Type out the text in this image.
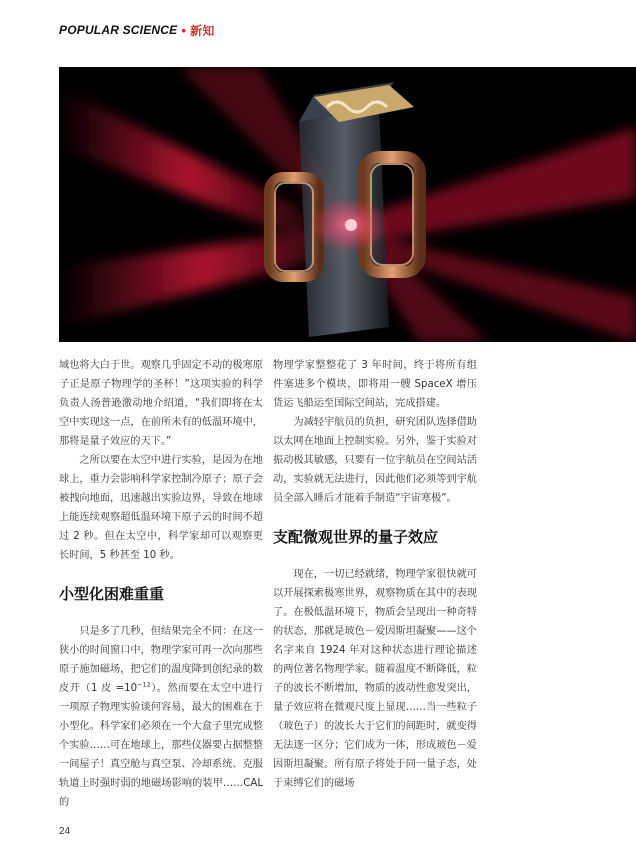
POPULAR SCIENCE • 新知

域也将大白于世。观察几乎固定不动的极寒原子正是原子物理学的圣杯！”这项实验的科学负责人汤普逊激动地介绍道，“我们即将在太空中实现这一点，在前所未有的低温环境中，那将是量子效应的天下。”

之所以要在太空中进行实验，是因为在地球上，重力会影响科学家控制冷原子；原子会被拽向地面，迅速越出实验边界，导致在地球上能连续观察超低温环境下原子云的时间不超过 2 秒。但在太空中，科学家却可以观察更长时间，5 秒甚至 10 秒。

小型化困难重重

只是多了几秒，但结果完全不同：在这一狭小的时间窗口中，物理学家可再一次向那些原子施加磁场，把它们的温度降到创纪录的数皮开（1 皮 $=10^{-12}$）。然而要在太空中进行一项原子物理实验谈何容易，最大的困难在于小型化。科学家们必须在一个大盒子里完成整个实验……可在地球上，那些仪器要占据整整一间屋子！真空舱与真空泵、冷却系统、克服轨道上时强时弱的地磁场影响的装甲……CAL 的

物理学家整整花了 3 年时间，终于将所有组件塞进多个模块，即将用一艘 SpaceX 增压货运飞船运至国际空间站，完成搭建。

为减轻宇航员的负担，研究团队选择借助以太网在地面上控制实验。另外，鉴于实验对振动极其敏感，只要有一位宇航员在空间站活动，实验就无法进行，因此他们必须等到宇航员全部入睡后才能着手制造“宇宙寒极”。

支配微观世界的量子效应

现在，一切已经就绪，物理学家很快就可以开展探索极寒世界，观察物质在其中的表现了。在极低温环境下，物质会呈现出一种奇特的状态，那就是玻色－爱因斯坦凝聚——这个名字来自 1924 年对这种状态进行理论描述的两位著名物理学家。随着温度不断降低，粒子的波长不断增加，物质的波动性愈发突出，量子效应将在微观尺度上显现……当一些粒子（玻色子）的波长大于它们的间距时，就变得无法逐一区分；它们成为一体，形成玻色－爱因斯坦凝聚。所有原子将处于同一量子态，处于束缚它们的磁场

24
